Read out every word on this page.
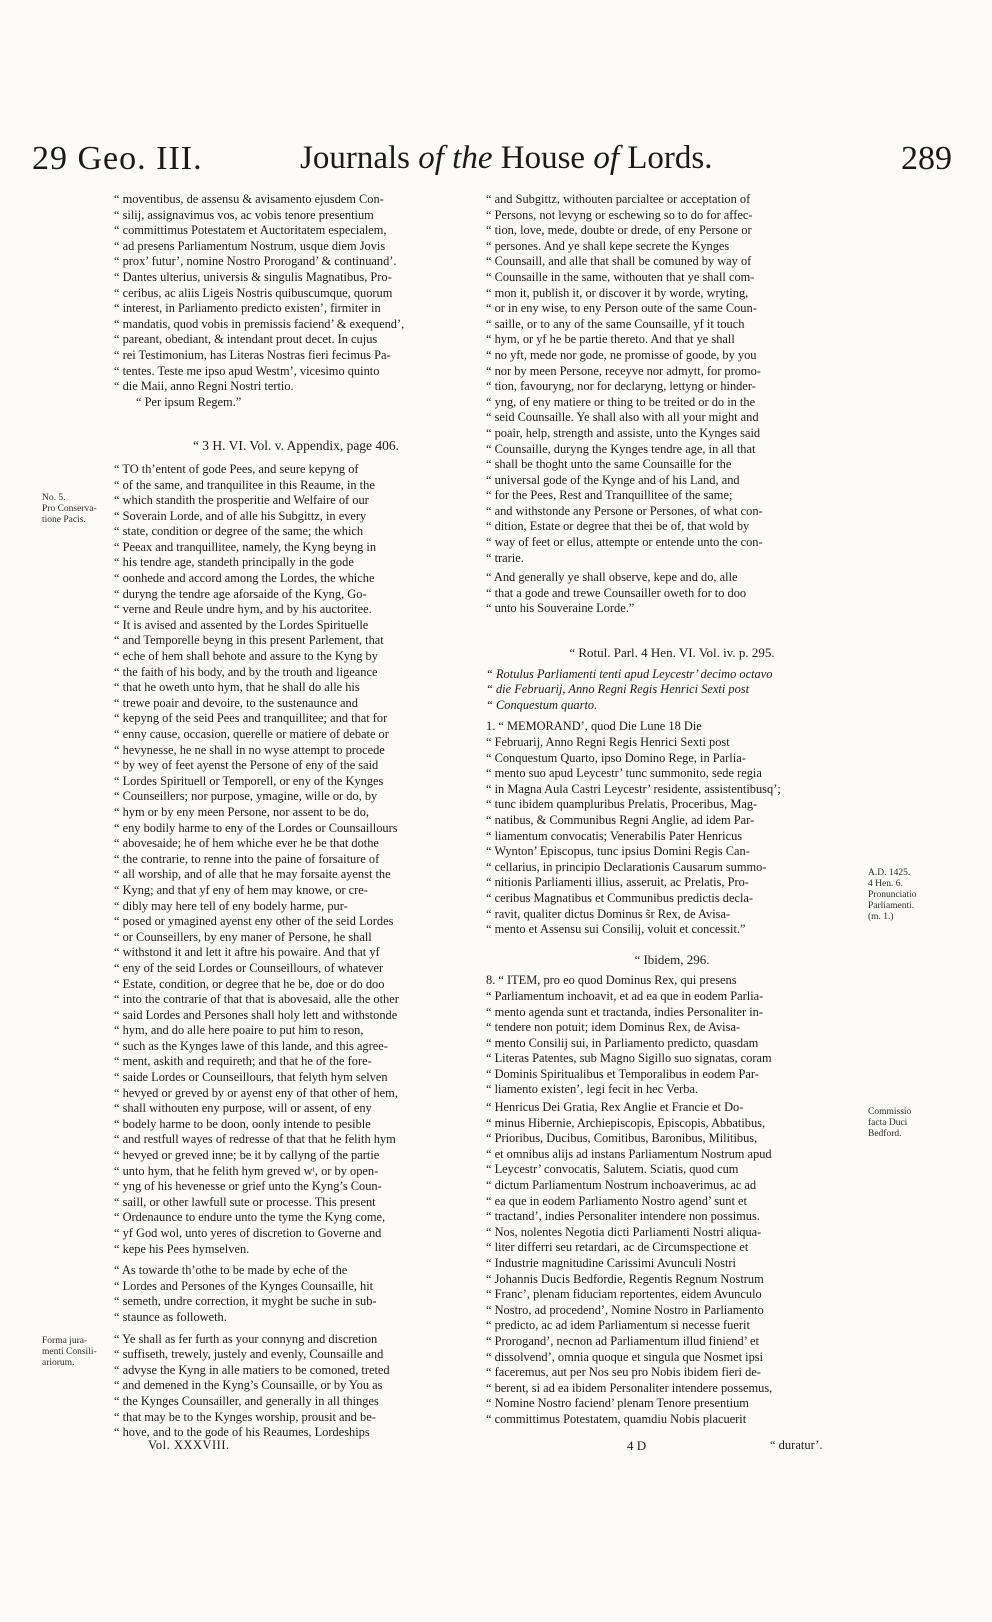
29 Geo. III.	Journals of the House of Lords.	289
No. 5.
Pro Conserva-
tione Pacis.
Forma jura-
menti Consili-
ariorum.
A.D. 1425.
4 Hen. 6.
Pronunciatio
Parliamenti.
(m. 1.)
Commissio
facta Duci
Bedford.

“ moventibus, de assensu & avisamento ejusdem Con-

“ silij, assignavimus vos, ac vobis tenore presentium

“ committimus Potestatem et Auctoritatem especialem,

“ ad presens Parliamentum Nostrum, usque diem Jovis

“ prox’ futur’, nomine Nostro Prorogand’ & continuand’.

“ Dantes ulterius, universis & singulis Magnatibus, Pro-

“ ceribus, ac aliis Ligeis Nostris quibuscumque, quorum

“ interest, in Parliamento predicto existen’, firmiter in

“ mandatis, quod vobis in premissis faciend’ & exequend’,

“ pareant, obediant, & intendant prout decet. In cujus

“ rei Testimonium, has Literas Nostras fieri fecimus Pa-

“ tentes. Teste me ipso apud Westm’, vicesimo quinto

“ die Maii, anno Regni Nostri tertio.

“ Per ipsum Regem.”

“ 3 H. VI. Vol. v. Appendix, page 406.

“ TO th’entent of gode Pees, and seure kepyng of

“ of the same, and tranquilitee in this Reaume, in the

“ which standith the prosperitie and Welfaire of our

“ Soverain Lorde, and of alle his Subgittz, in every

“ state, condition or degree of the same; the which

“ Peeax and tranquillitee, namely, the Kyng beyng in

“ his tendre age, standeth principally in the gode

“ oonhede and accord among the Lordes, the whiche

“ duryng the tendre age aforsaide of the Kyng, Go-

“ verne and Reule undre hym, and by his auctoritee.

“ It is avised and assented by the Lordes Spirituelle

“ and Temporelle beyng in this present Parlement, that

“ eche of hem shall behote and assure to the Kyng by

“ the faith of his body, and by the trouth and ligeance

“ that he oweth unto hym, that he shall do alle his

“ trewe poair and devoire, to the sustenaunce and

“ kepyng of the seid Pees and tranquillitee; and that for

“ enny cause, occasion, querelle or matiere of debate or

“ hevynesse, he ne shall in no wyse attempt to procede

“ by wey of feet ayenst the Persone of eny of the said

“ Lordes Spirituell or Temporell, or eny of the Kynges

“ Counseillers; nor purpose, ymagine, wille or do, by

“ hym or by eny meen Persone, nor assent to be do,

“ eny bodily harme to eny of the Lordes or Counsaillours

“ abovesaide; he of hem whiche ever he be that dothe

“ the contrarie, to renne into the paine of forsaiture of

“ all worship, and of alle that he may forsaite ayenst the

“ Kyng; and that yf eny of hem may knowe, or cre-

“ dibly may here tell of eny bodely harme, pur-

“ posed or ymagined ayenst eny other of the seid Lordes

“ or Counseillers, by eny maner of Persone, he shall

“ withstond it and lett it aftre his powaire. And that yf

“ eny of the seid Lordes or Counseillours, of whatever

“ Estate, condition, or degree that he be, doe or do doo

“ into the contrarie of that that is abovesaid, alle the other

“ said Lordes and Persones shall holy lett and withstonde

“ hym, and do alle here poaire to put him to reson,

“ such as the Kynges lawe of this lande, and this agree-

“ ment, askith and requireth; and that he of the fore-

“ saide Lordes or Counseillours, that felyth hym selven

“ hevyed or greved by or ayenst eny of that other of hem,

“ shall withouten eny purpose, will or assent, of eny

“ bodely harme to be doon, oonly intende to pesible

“ and restfull wayes of redresse of that that he felith hym

“ hevyed or greved inne; be it by callyng of the partie

“ unto hym, that he felith hym greved wᵗ, or by open-

“ yng of his hevenesse or grief unto the Kyng’s Coun-

“ saill, or other lawfull sute or processe. This present

“ Ordenaunce to endure unto the tyme the Kyng come,

“ yf God wol, unto yeres of discretion to Governe and

“ kepe his Pees hymselven.

“ As towarde th’othe to be made by eche of the

“ Lordes and Persones of the Kynges Counsaille, hit

“ semeth, undre correction, it myght be suche in sub-

“ staunce as followeth.

“ Ye shall as fer furth as your connyng and discretion

“ suffiseth, trewely, justely and evenly, Counsaille and

“ advyse the Kyng in alle matiers to be comoned, treted

“ and demened in the Kyng’s Counsaille, or by You as

“ the Kynges Counsailler, and generally in all thinges

“ that may be to the Kynges worship, prousit and be-

“ hove, and to the gode of his Reaumes, Lordeships

“ and Subgittz, withouten parcialtee or acceptation of

“ Persons, not levyng or eschewing so to do for affec-

“ tion, love, mede, doubte or drede, of eny Persone or

“ persones. And ye shall kepe secrete the Kynges

“ Counsaill, and alle that shall be comuned by way of

“ Counsaille in the same, withouten that ye shall com-

“ mon it, publish it, or discover it by worde, wryting,

“ or in eny wise, to eny Person oute of the same Coun-

“ saille, or to any of the same Counsaille, yf it touch

“ hym, or yf he be partie thereto. And that ye shall

“ no yft, mede nor gode, ne promisse of goode, by you

“ nor by meen Persone, receyve nor admytt, for promo-

“ tion, favouryng, nor for declaryng, lettyng or hinder-

“ yng, of eny matiere or thing to be treited or do in the

“ seid Counsaille. Ye shall also with all your might and

“ poair, help, strength and assiste, unto the Kynges said

“ Counsaille, duryng the Kynges tendre age, in all that

“ shall be thoght unto the same Counsaille for the

“ universal gode of the Kynge and of his Land, and

“ for the Pees, Rest and Tranquillitee of the same;

“ and withstonde any Persone or Persones, of what con-

“ dition, Estate or degree that thei be of, that wold by

“ way of feet or ellus, attempte or entende unto the con-

“ trarie.

“ And generally ye shall observe, kepe and do, alle

“ that a gode and trewe Counsailler oweth for to doo

“ unto his Souveraine Lorde.”

“ Rotul. Parl. 4 Hen. VI. Vol. iv. p. 295.

“ Rotulus Parliamenti tenti apud Leycestr’ decimo octavo

“ die Februarij, Anno Regni Regis Henrici Sexti post

“ Conquestum quarto.

1. “ MEMORAND’, quod Die Lune 18 Die

“ Februarij, Anno Regni Regis Henrici Sexti post

“ Conquestum Quarto, ipso Domino Rege, in Parlia-

“ mento suo apud Leycestr’ tunc summonito, sede regia

“ in Magna Aula Castri Leycestr’ residente, assistentibusq’;

“ tunc ibidem quampluribus Prelatis, Proceribus, Mag-

“ natibus, & Communibus Regni Anglie, ad idem Par-

“ liamentum convocatis; Venerabilis Pater Henricus

“ Wynton’ Episcopus, tunc ipsius Domini Regis Can-

“ cellarius, in principio Declarationis Causarum summo-

“ nitionis Parliamenti illius, asseruit, ac Prelatis, Pro-

“ ceribus Magnatibus et Communibus predictis decla-

“ ravit, qualiter dictus Dominus s̃r Rex, de Avisa-

“ mento et Assensu sui Consilij, voluit et concessit.”

“ Ibidem, 296.

8. “ ITEM, pro eo quod Dominus Rex, qui presens

“ Parliamentum inchoavit, et ad ea que in eodem Parlia-

“ mento agenda sunt et tractanda, indies Personaliter in-

“ tendere non potuit; idem Dominus Rex, de Avisa-

“ mento Consilij sui, in Parliamento predicto, quasdam

“ Literas Patentes, sub Magno Sigillo suo signatas, coram

“ Dominis Spiritualibus et Temporalibus in eodem Par-

“ liamento existen’, legi fecit in hec Verba.

“ Henricus Dei Gratia, Rex Anglie et Francie et Do-

“ minus Hibernie, Archiepiscopis, Episcopis, Abbatibus,

“ Prioribus, Ducibus, Comitibus, Baronibus, Militibus,

“ et omnibus alijs ad instans Parliamentum Nostrum apud

“ Leycestr’ convocatis, Salutem. Sciatis, quod cum

“ dictum Parliamentum Nostrum inchoaverimus, ac ad

“ ea que in eodem Parliamento Nostro agend’ sunt et

“ tractand’, indies Personaliter intendere non possimus.

“ Nos, nolentes Negotia dicti Parliamenti Nostri aliqua-

“ liter differri seu retardari, ac de Circumspectione et

“ Industrie magnitudine Carissimi Avunculi Nostri

“ Johannis Ducis Bedfordie, Regentis Regnum Nostrum

“ Franc’, plenam fiduciam reportentes, eidem Avunculo

“ Nostro, ad procedend’, Nomine Nostro in Parliamento

“ predicto, ac ad idem Parliamentum si necesse fuerit

“ Prorogand’, necnon ad Parliamentum illud finiend’ et

“ dissolvend’, omnia quoque et singula que Nosmet ipsi

“ faceremus, aut per Nos seu pro Nobis ibidem fieri de-

“ berent, si ad ea ibidem Personaliter intendere possemus,

“ Nomine Nostro faciend’ plenam Tenore presentium

“ committimus Potestatem, quamdiu Nobis placuerit

Vol. XXXVIII.	4 D	“ duratur’.
